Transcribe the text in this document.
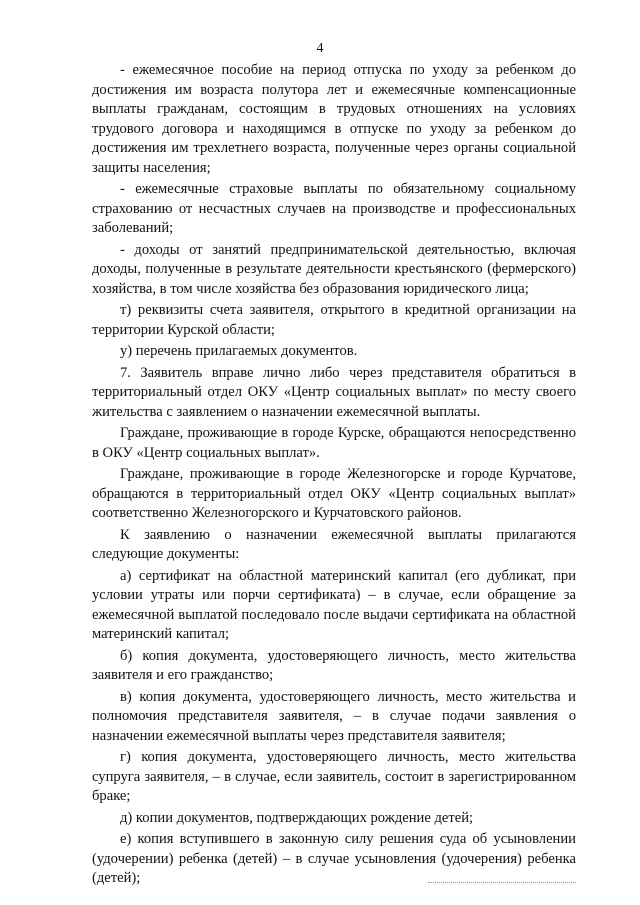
4

- ежемесячное пособие на период отпуска по уходу за ребенком до достижения им возраста полутора лет и ежемесячные компенсационные выплаты гражданам, состоящим в трудовых отношениях на условиях трудового договора и находящимся в отпуске по уходу за ребенком до достижения им трехлетнего возраста, полученные через органы социальной защиты населения;

- ежемесячные страховые выплаты по обязательному социальному страхованию от несчастных случаев на производстве и профессиональных заболеваний;

- доходы от занятий предпринимательской деятельностью, включая доходы, полученные в результате деятельности крестьянского (фермерского) хозяйства, в том числе хозяйства без образования юридического лица;

т) реквизиты счета заявителя, открытого в кредитной организации на территории Курской области;

у) перечень прилагаемых документов.

7. Заявитель вправе лично либо через представителя обратиться в территориальный отдел ОКУ «Центр социальных выплат» по месту своего жительства с заявлением о назначении ежемесячной выплаты.

Граждане, проживающие в городе Курске, обращаются непосредственно в ОКУ «Центр социальных выплат».

Граждане, проживающие в городе Железногорске и городе Курчатове, обращаются в территориальный отдел ОКУ «Центр социальных выплат» соответственно Железногорского и Курчатовского районов.

К заявлению о назначении ежемесячной выплаты прилагаются следующие документы:

а) сертификат на областной материнский капитал (его дубликат, при условии утраты или порчи сертификата) – в случае, если обращение за ежемесячной выплатой последовало после выдачи сертификата на областной материнский капитал;

б) копия документа, удостоверяющего личность, место жительства заявителя и его гражданство;

в) копия документа, удостоверяющего личность, место жительства и полномочия представителя заявителя, – в случае подачи заявления о назначении ежемесячной выплаты через представителя заявителя;

г) копия документа, удостоверяющего личность, место жительства супруга заявителя, – в случае, если заявитель, состоит в зарегистрированном браке;

д) копии документов, подтверждающих рождение детей;

е) копия вступившего в законную силу решения суда об усыновлении (удочерении) ребенка (детей) – в случае усыновления (удочерения) ребенка (детей);
